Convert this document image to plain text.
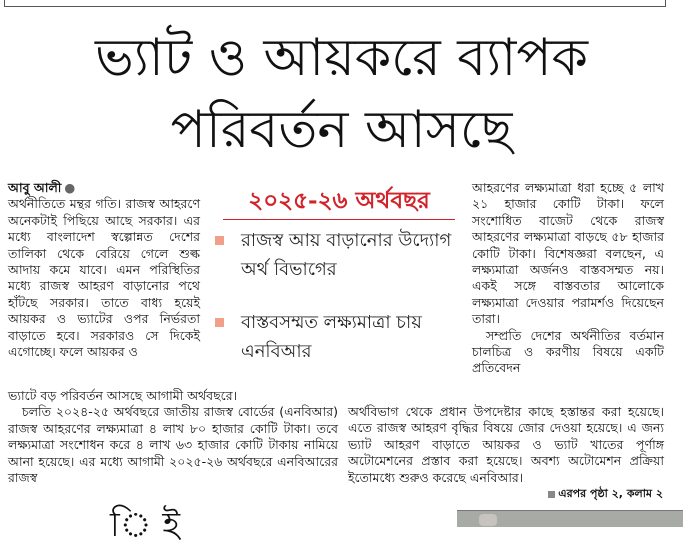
ভ্যাট ও আয়করে ব্যাপক
পরিবর্তন আসছে

আবু আলী ●

অর্থনীতিতে মন্থর গতি। রাজস্ব আহরণে অনেকটাই পিছিয়ে আছে সরকার। এর মধ্যে বাংলাদেশ স্বল্পোন্নত দেশের তালিকা থেকে বেরিয়ে গেলে শুল্ক আদায় কমে যাবে। এমন পরিস্থিতির মধ্যে রাজস্ব আহরণ বাড়ানোর পথে হাঁটছে সরকার। তাতে বাধ্য হয়েই আয়কর ও ভ্যাটের ওপর নির্ভরতা বাড়াতে হবে। সরকারও সে দিকেই এগোচ্ছে। ফলে আয়কর ও

ভ্যাটে বড় পরিবর্তন আসছে আগামী অর্থবছরে।

চলতি ২০২৪-২৫ অর্থবছরে জাতীয় রাজস্ব বোর্ডের (এনবিআর) রাজস্ব আহরণের লক্ষ্যমাত্রা ৪ লাখ ৮০ হাজার কোটি টাকা। তবে লক্ষ্যমাত্রা সংশোধন করে ৪ লাখ ৬৩ হাজার কোটি টাকায় নামিয়ে আনা হয়েছে। এর মধ্যে আগামী ২০২৫-২৬ অর্থবছরে এনবিআরের রাজস্ব

২০২৫-২৬ অর্থবছর
রাজস্ব আয় বাড়ানোর উদ্যোগ অর্থ বিভাগের
বাস্তবসম্মত লক্ষ্যমাত্রা চায় এনবিআর

আহরণের লক্ষ্যমাত্রা ধরা হচ্ছে ৫ লাখ ২১ হাজার কোটি টাকা। ফলে সংশোধিত বাজেট থেকে রাজস্ব আহরণের লক্ষ্যমাত্রা বাড়ছে ৫৮ হাজার কোটি টাকা। বিশেষজ্ঞরা বলছেন, এ লক্ষ্যমাত্রা অর্জনও বাস্তবসম্মত নয়। একই সঙ্গে বাস্তবতার আলোকে লক্ষ্যমাত্রা দেওয়ার পরামর্শও দিয়েছেন তারা।

সম্প্রতি দেশের অর্থনীতির বর্তমান চালচিত্র ও করণীয় বিষয়ে একটি প্রতিবেদন

অর্থবিভাগ থেকে প্রধান উপদেষ্টার কাছে হস্তান্তর করা হয়েছে। এতে রাজস্ব আহরণ বৃদ্ধির বিষয়ে জোর দেওয়া হয়েছে। এ জন্য ভ্যাট আহরণ বাড়াতে আয়কর ও ভ্যাট খাতের পূর্ণাঙ্গ অটোমেশনের প্রস্তাব করা হয়েছে। অবশ্য অটোমেশন প্রক্রিয়া ইতোমধ্যে শুরুও করেছে এনবিআর।

এরপর পৃষ্ঠা ২, কলাম ২
ি ই
